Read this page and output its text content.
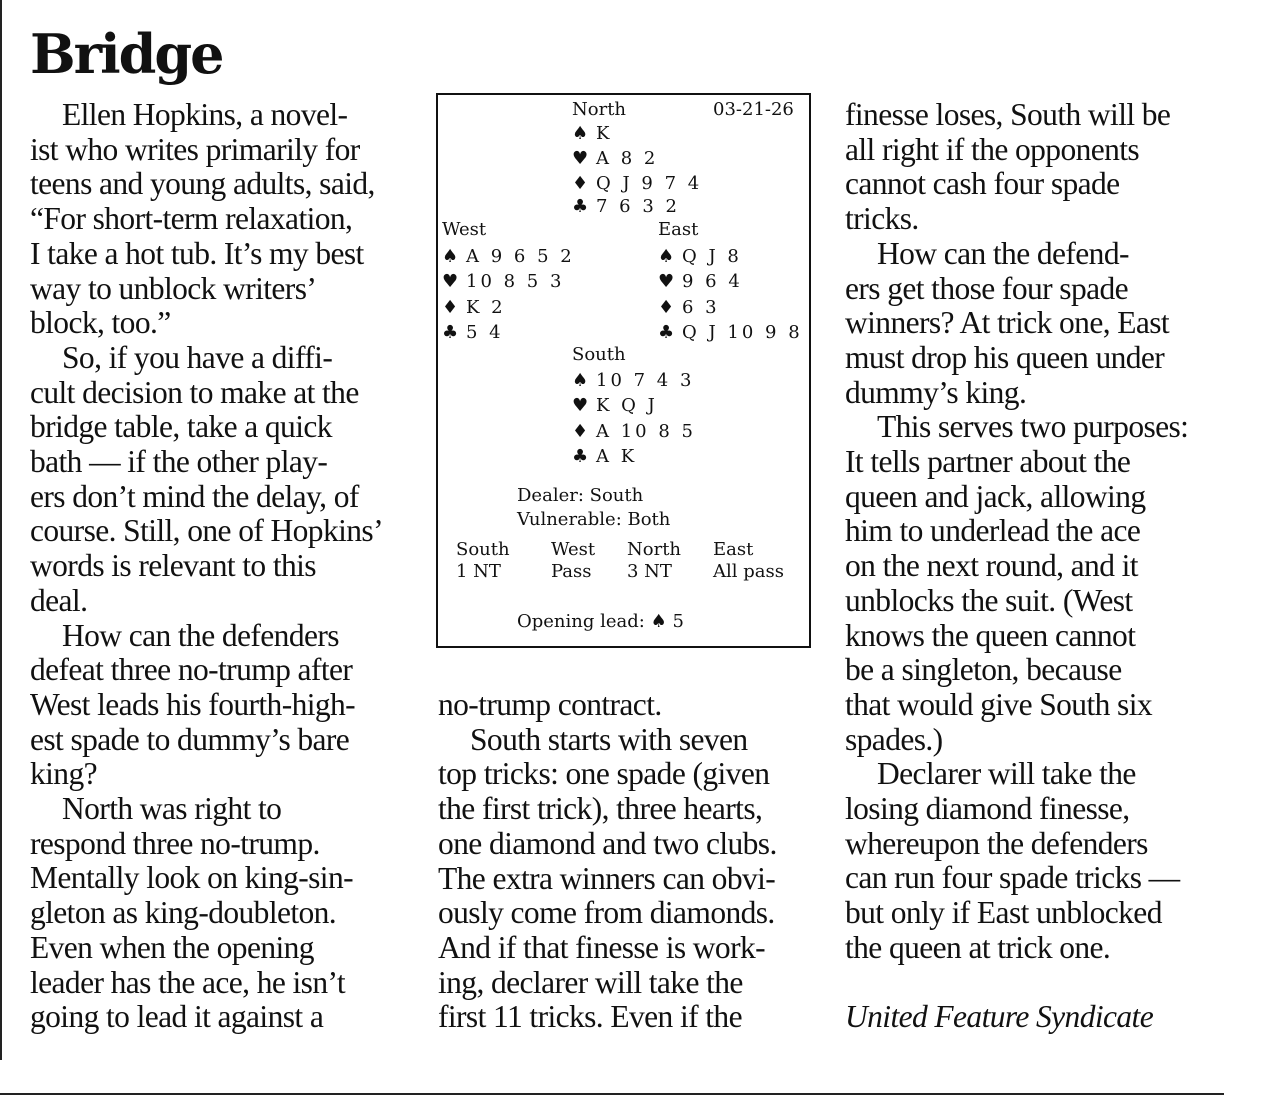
Bridge

Ellen Hopkins, a novel-

ist who writes primarily for

teens and young adults, said,

“For short-term relaxation,

I take a hot tub. It’s my best

way to unblock writers’

block, too.”

So, if you have a diffi-

cult decision to make at the

bridge table, take a quick

bath — if the other play-

ers don’t mind the delay, of

course. Still, one of Hopkins’

words is relevant to this

deal.

How can the defenders

defeat three no-trump after

West leads his fourth-high-

est spade to dummy’s bare

king?

North was right to

respond three no-trump.

Mentally look on king-sin-

gleton as king-doubleton.

Even when the opening

leader has the ace, he isn’t

going to lead it against a

North	03-21-26
♠ K
♥ A 8 2
♦ Q J 9 7 4
♣ 7 6 3 2
West
♠ A 9 6 5 2
♥ 10 8 5 3
♦ K 2
♣ 5 4
East
♠ Q J 8
♥ 9 6 4
♦ 6 3
♣ Q J 10 9 8
South
♠ 10 7 4 3
♥ K Q J
♦ A 10 8 5
♣ A K
Dealer: South
Vulnerable: Both
South West North East
1 NT	Pass 3 NT All pass
Opening lead: ♠ 5

no-trump contract.

South starts with seven

top tricks: one spade (given

the first trick), three hearts,

one diamond and two clubs.

The extra winners can obvi-

ously come from diamonds.

And if that finesse is work-

ing, declarer will take the

first 11 tricks. Even if the

finesse loses, South will be

all right if the opponents

cannot cash four spade

tricks.

How can the defend-

ers get those four spade

winners? At trick one, East

must drop his queen under

dummy’s king.

This serves two purposes:

It tells partner about the

queen and jack, allowing

him to underlead the ace

on the next round, and it

unblocks the suit. (West

knows the queen cannot

be a singleton, because

that would give South six

spades.)

Declarer will take the

losing diamond finesse,

whereupon the defenders

can run four spade tricks —

but only if East unblocked

the queen at trick one.

United Feature Syndicate
